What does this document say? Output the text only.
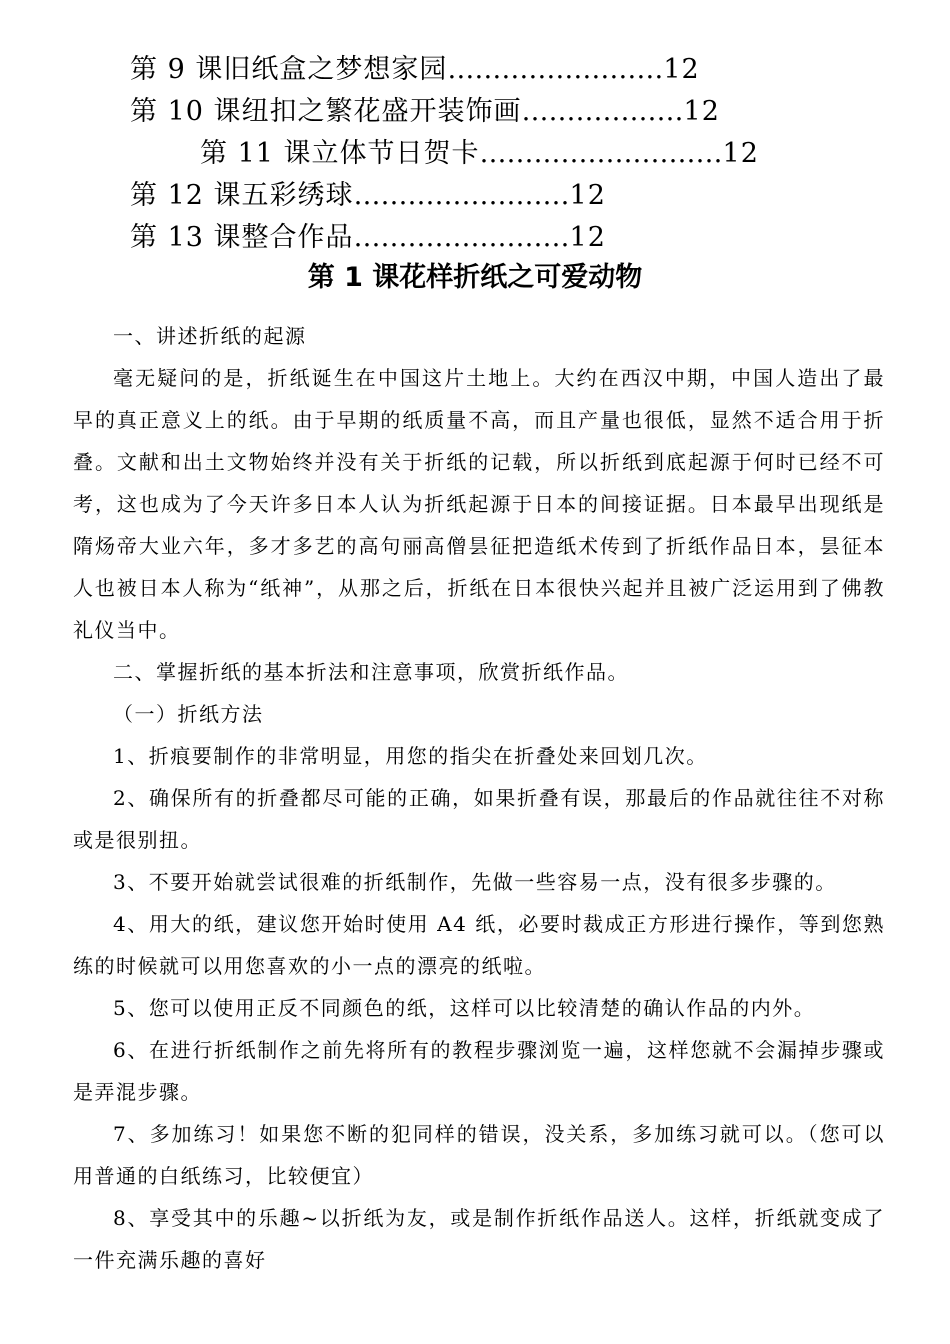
第 9 课旧纸盒之梦想家园……………………12
第 10 课纽扣之繁花盛开装饰画………………12
第 11 课立体节日贺卡………………………12
第 12 课五彩绣球……………………12
第 13 课整合作品……………………12
第 1 课花样折纸之可爱动物

一、讲述折纸的起源

毫无疑问的是，折纸诞生在中国这片土地上。大约在西汉中期，中国人造出了最早的真正意义上的纸。由于早期的纸质量不高，而且产量也很低，显然不适合用于折叠。文献和出土文物始终并没有关于折纸的记载，所以折纸到底起源于何时已经不可考，这也成为了今天许多日本人认为折纸起源于日本的间接证据。日本最早出现纸是隋炀帝大业六年，多才多艺的高句丽高僧昙征把造纸术传到了折纸作品日本，昙征本人也被日本人称为“纸神”，从那之后，折纸在日本很快兴起并且被广泛运用到了佛教礼仪当中。

二、掌握折纸的基本折法和注意事项，欣赏折纸作品。

（一）折纸方法

1、折痕要制作的非常明显，用您的指尖在折叠处来回划几次。

2、确保所有的折叠都尽可能的正确，如果折叠有误，那最后的作品就往往不对称或是很别扭。

3、不要开始就尝试很难的折纸制作，先做一些容易一点，没有很多步骤的。

4、用大的纸，建议您开始时使用 A4 纸，必要时裁成正方形进行操作，等到您熟练的时候就可以用您喜欢的小一点的漂亮的纸啦。

5、您可以使用正反不同颜色的纸，这样可以比较清楚的确认作品的内外。

6、在进行折纸制作之前先将所有的教程步骤浏览一遍，这样您就不会漏掉步骤或是弄混步骤。

7、多加练习！如果您不断的犯同样的错误，没关系，多加练习就可以。（您可以用普通的白纸练习，比较便宜）

8、享受其中的乐趣~以折纸为友，或是制作折纸作品送人。这样，折纸就变成了一件充满乐趣的喜好
